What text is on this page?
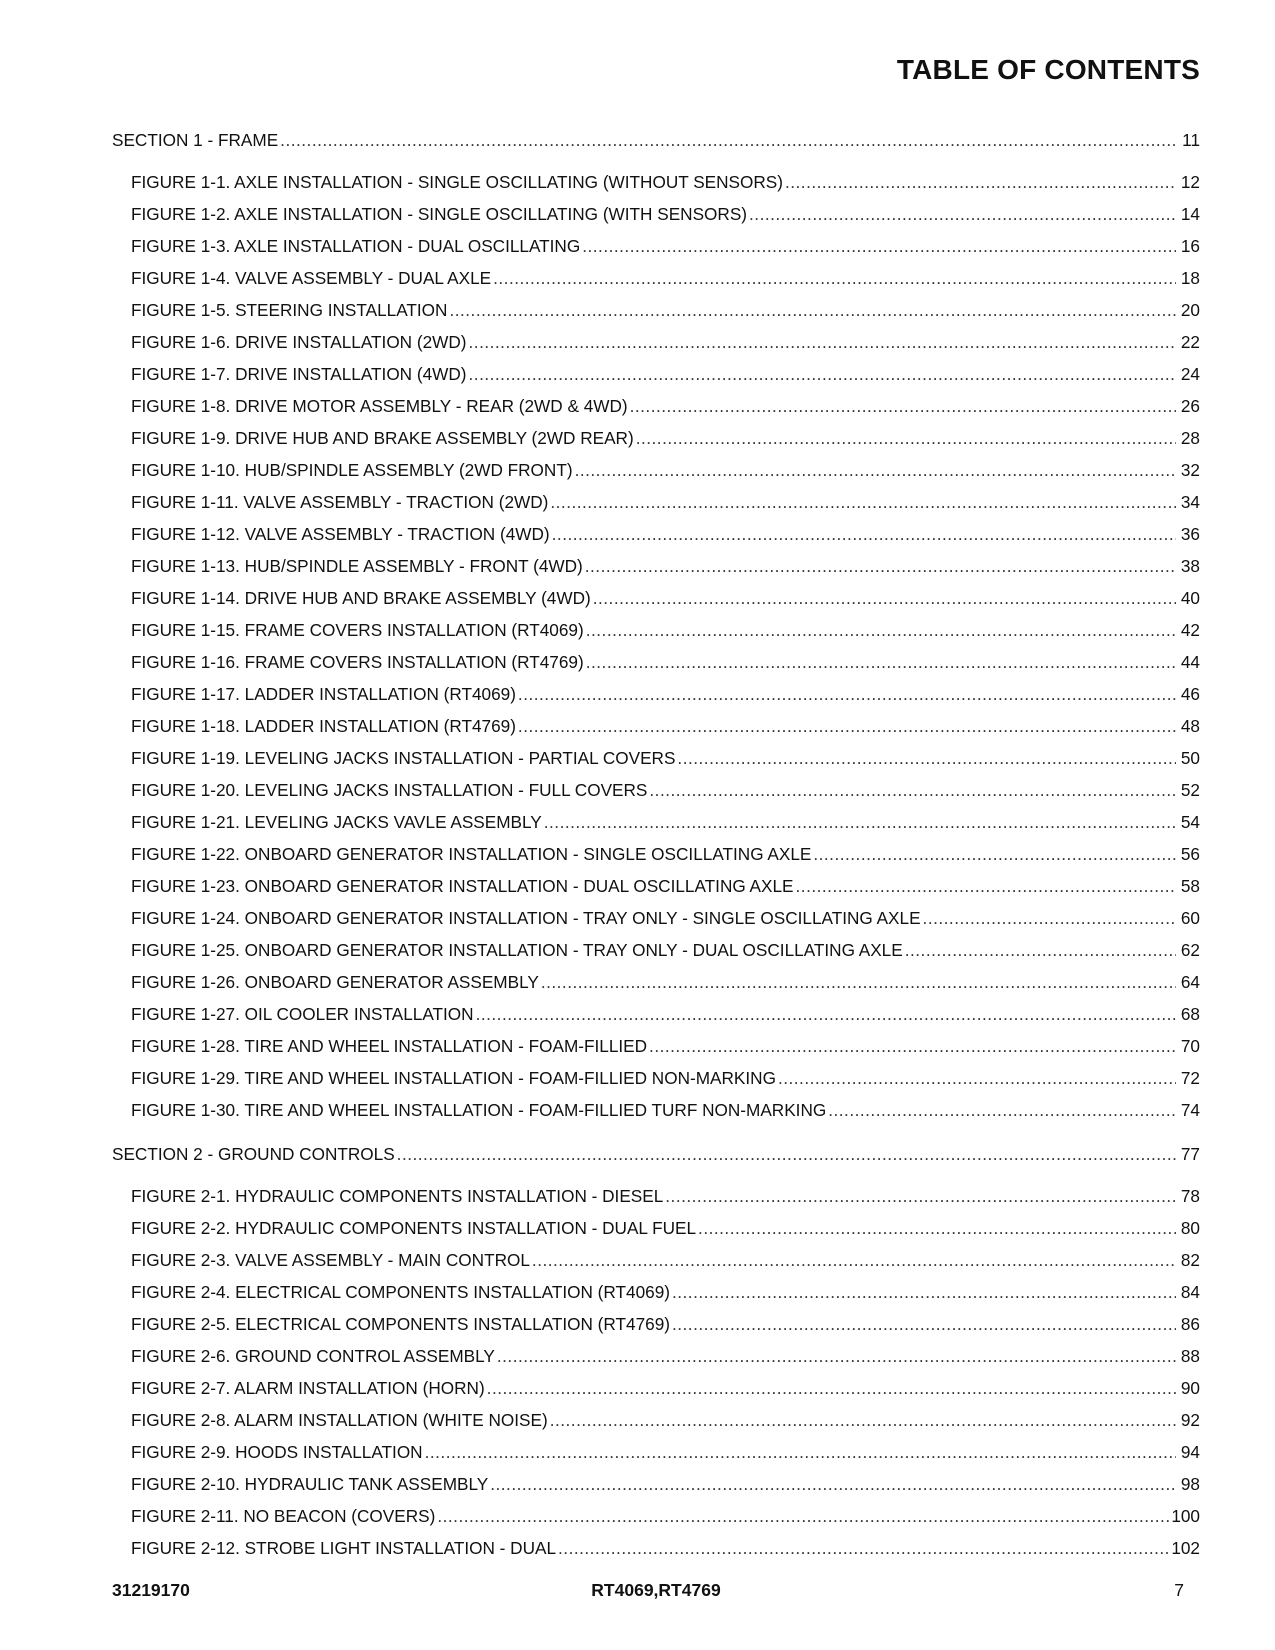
TABLE OF CONTENTS
SECTION 1 - FRAME .....	11
FIGURE 1-1. AXLE INSTALLATION - SINGLE OSCILLATING (WITHOUT SENSORS) .....	12
FIGURE 1-2. AXLE INSTALLATION - SINGLE OSCILLATING (WITH SENSORS) .....	14
FIGURE 1-3. AXLE INSTALLATION - DUAL OSCILLATING .....	16
FIGURE 1-4. VALVE ASSEMBLY - DUAL AXLE .....	18
FIGURE 1-5. STEERING INSTALLATION .....	20
FIGURE 1-6. DRIVE INSTALLATION (2WD) .....	22
FIGURE 1-7. DRIVE INSTALLATION (4WD) .....	24
FIGURE 1-8. DRIVE MOTOR ASSEMBLY - REAR (2WD & 4WD) .....	26
FIGURE 1-9. DRIVE HUB AND BRAKE ASSEMBLY (2WD REAR) .....	28
FIGURE 1-10. HUB/SPINDLE ASSEMBLY (2WD FRONT) .....	32
FIGURE 1-11. VALVE ASSEMBLY - TRACTION (2WD) .....	34
FIGURE 1-12. VALVE ASSEMBLY - TRACTION (4WD) .....	36
FIGURE 1-13. HUB/SPINDLE ASSEMBLY - FRONT (4WD) .....	38
FIGURE 1-14. DRIVE HUB AND BRAKE ASSEMBLY (4WD) .....	40
FIGURE 1-15. FRAME COVERS INSTALLATION (RT4069) .....	42
FIGURE 1-16. FRAME COVERS INSTALLATION (RT4769) .....	44
FIGURE 1-17. LADDER INSTALLATION (RT4069) .....	46
FIGURE 1-18. LADDER INSTALLATION (RT4769) .....	48
FIGURE 1-19. LEVELING JACKS INSTALLATION - PARTIAL COVERS .....	50
FIGURE 1-20. LEVELING JACKS INSTALLATION - FULL COVERS .....	52
FIGURE 1-21. LEVELING JACKS VAVLE ASSEMBLY .....	54
FIGURE 1-22. ONBOARD GENERATOR INSTALLATION - SINGLE OSCILLATING AXLE .....	56
FIGURE 1-23. ONBOARD GENERATOR INSTALLATION - DUAL OSCILLATING AXLE .....	58
FIGURE 1-24. ONBOARD GENERATOR INSTALLATION - TRAY ONLY - SINGLE OSCILLATING AXLE .....	60
FIGURE 1-25. ONBOARD GENERATOR INSTALLATION - TRAY ONLY - DUAL OSCILLATING AXLE .....	62
FIGURE 1-26. ONBOARD GENERATOR ASSEMBLY .....	64
FIGURE 1-27. OIL COOLER INSTALLATION .....	68
FIGURE 1-28. TIRE AND WHEEL INSTALLATION - FOAM-FILLIED .....	70
FIGURE 1-29. TIRE AND WHEEL INSTALLATION - FOAM-FILLIED NON-MARKING .....	72
FIGURE 1-30. TIRE AND WHEEL INSTALLATION - FOAM-FILLIED TURF NON-MARKING .....	74
SECTION 2 - GROUND CONTROLS .....	77
FIGURE 2-1. HYDRAULIC COMPONENTS INSTALLATION - DIESEL .....	78
FIGURE 2-2. HYDRAULIC COMPONENTS INSTALLATION - DUAL FUEL .....	80
FIGURE 2-3. VALVE ASSEMBLY - MAIN CONTROL .....	82
FIGURE 2-4. ELECTRICAL COMPONENTS INSTALLATION (RT4069) .....	84
FIGURE 2-5. ELECTRICAL COMPONENTS INSTALLATION (RT4769) .....	86
FIGURE 2-6. GROUND CONTROL ASSEMBLY .....	88
FIGURE 2-7. ALARM INSTALLATION (HORN) .....	90
FIGURE 2-8. ALARM INSTALLATION (WHITE NOISE) .....	92
FIGURE 2-9. HOODS INSTALLATION .....	94
FIGURE 2-10. HYDRAULIC TANK ASSEMBLY .....	98
FIGURE 2-11. NO BEACON (COVERS) .....	100
FIGURE 2-12. STROBE LIGHT INSTALLATION - DUAL .....	102
31219170	RT4069,RT4769	7
